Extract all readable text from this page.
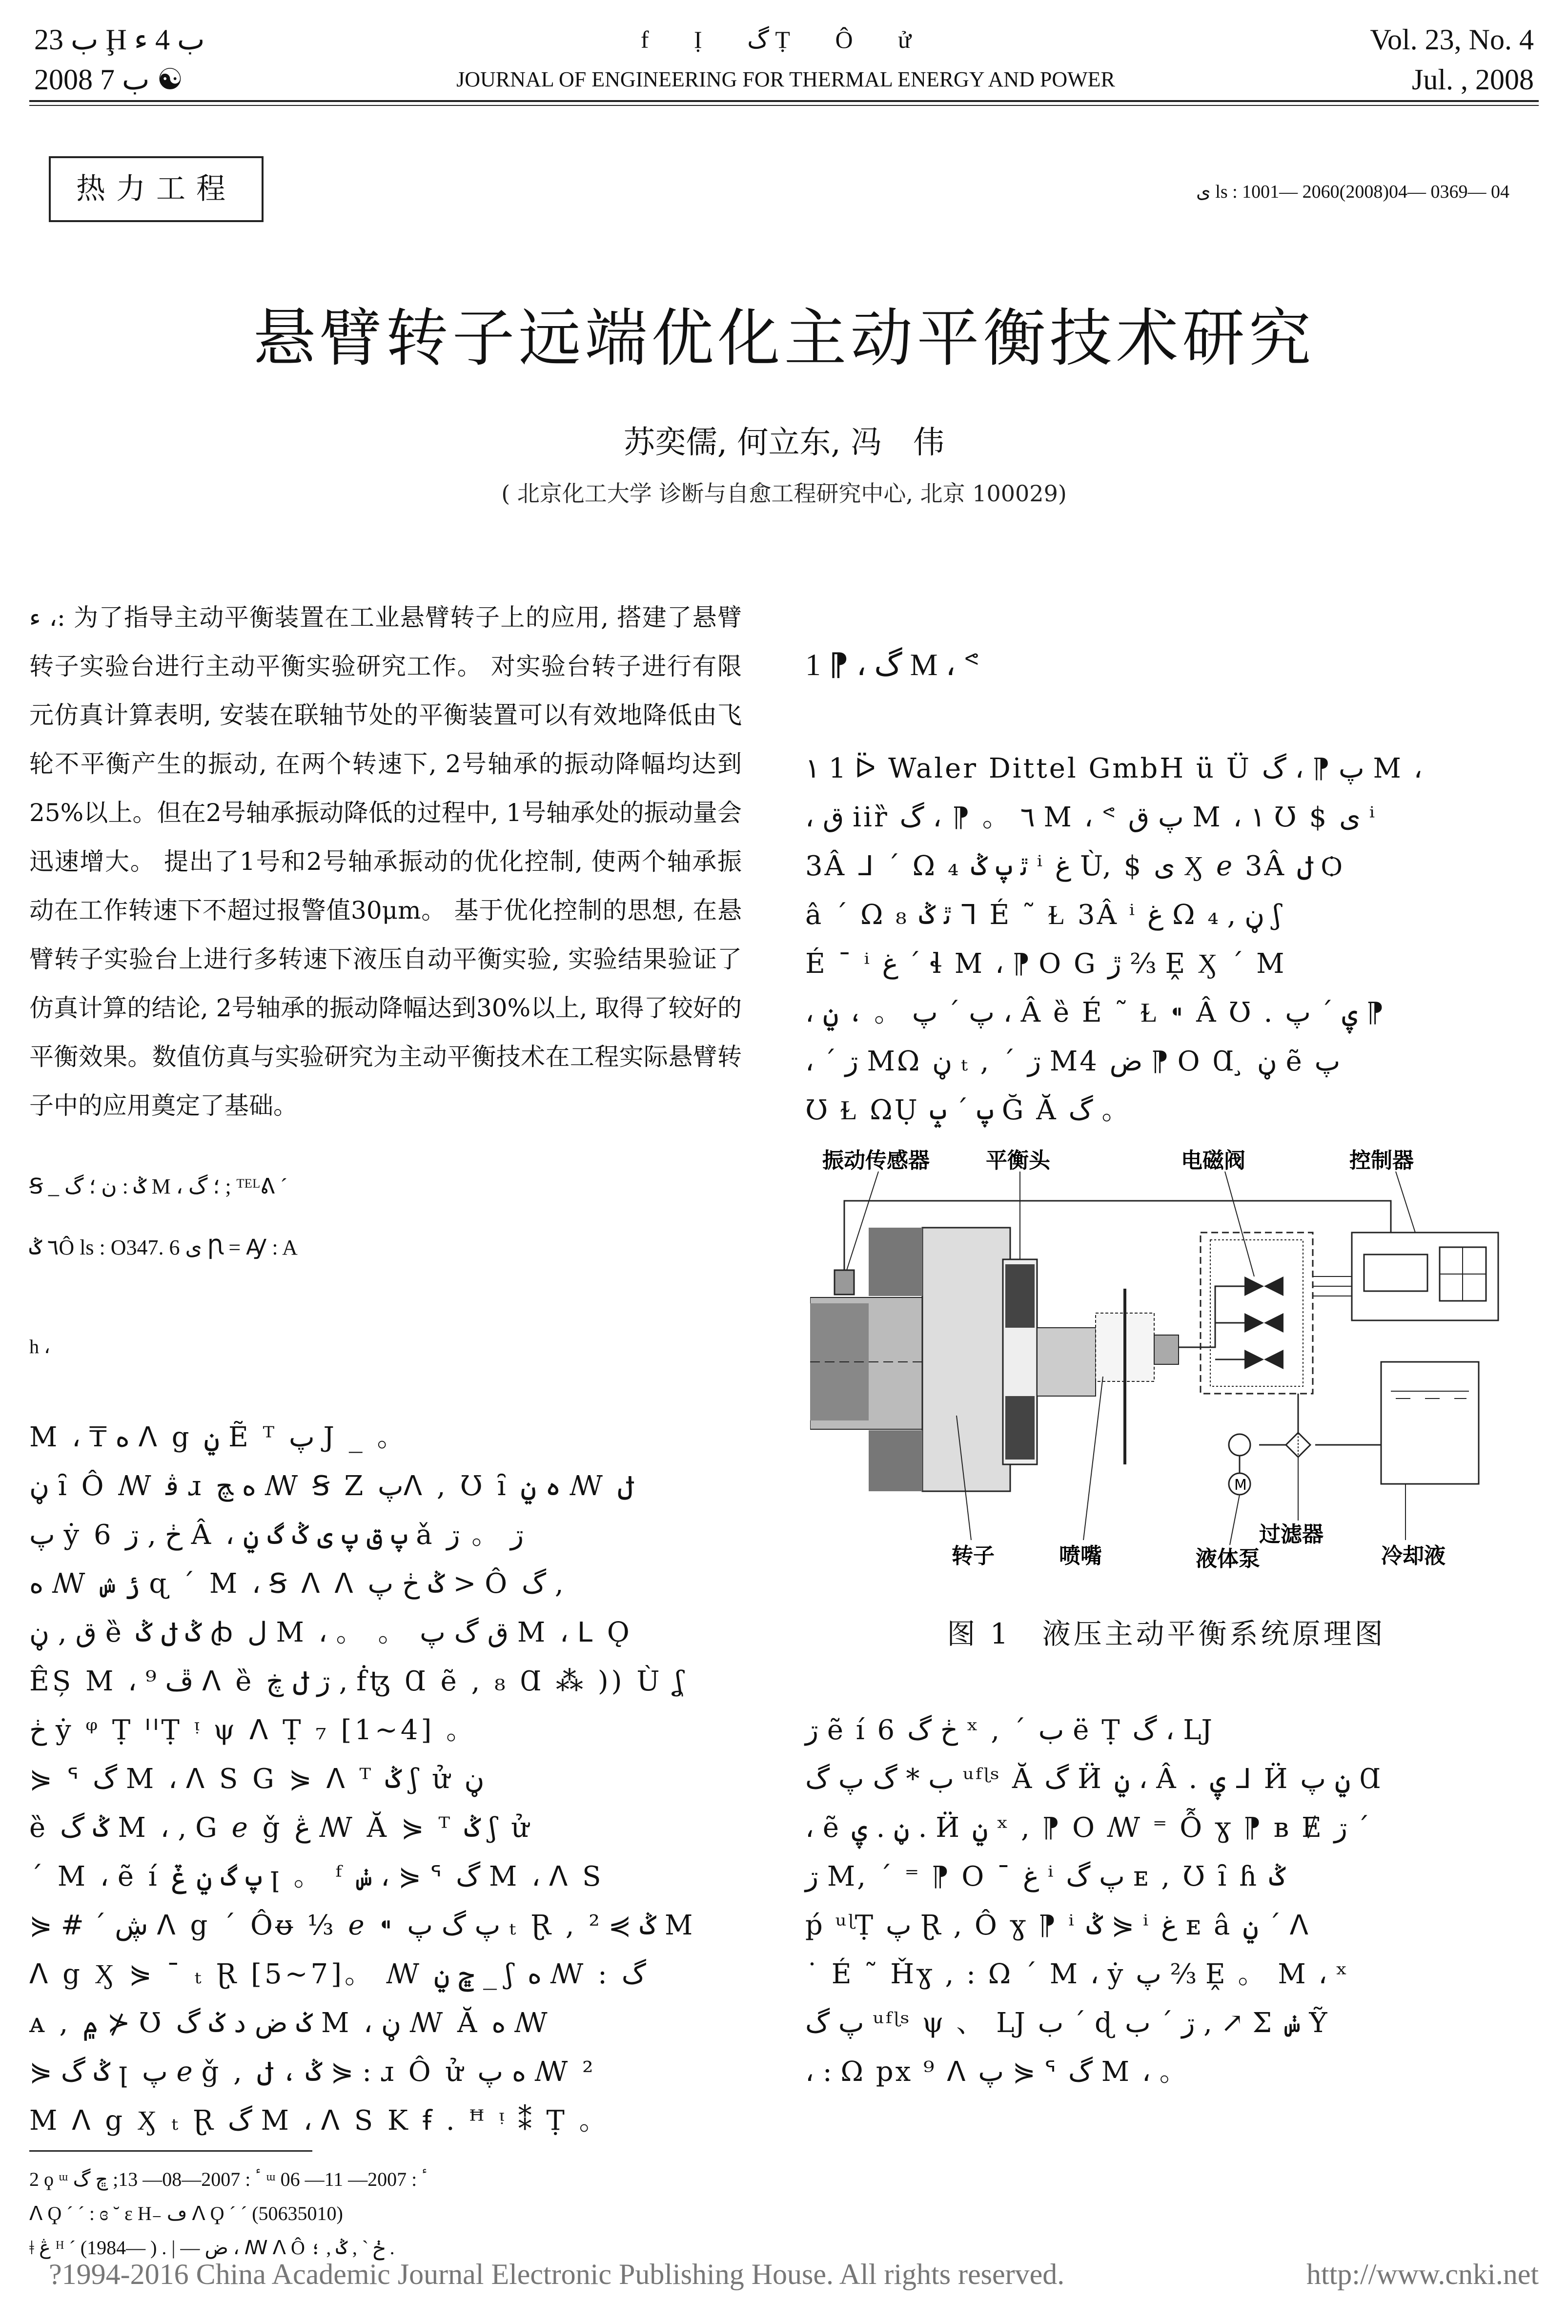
ب 23 Ḩ ب 4 ء
2008 ب 7 ☯
f Ị گ Ṭ Ô ử
JOURNAL OF ENGINEERING FOR THERMAL ENERGY AND POWER
Vol. 23, No. 4
Jul. , 2008
热力工程	ى ls : 1001— 2060(2008)04— 0369— 04
悬臂转子远端优化主动平衡技术研究
苏奕儒, 何立东, 冯　伟
( 北京化工大学 诊断与自愈工程研究中心, 北京 100029)
ء ،: 为了指导主动平衡装置在工业悬臂转子上的应用, 搭建了悬臂转子实验台进行主动平衡实验研究工作。 对实验台转子进行有限元仿真计算表明, 安装在联轴节处的平衡装置可以有效地降低由飞轮不平衡产生的振动, 在两个转速下, 2号轴承的振动降幅均达到25%以上。但在2号轴承振动降低的过程中, 1号轴承处的振动量会迅速增大。 提出了1号和2号轴承振动的优化控制, 使两个轴承振动在工作转速下不超过报警值30μm。 基于优化控制的思想, 在悬臂转子实验台上进行多转速下液压自动平衡实验, 实验结果验证了仿真计算的结论, 2号轴承的振动降幅达到30%以上, 取得了较好的平衡效果。数值仿真与实验研究为主动平衡技术在工程实际悬臂转子中的应用奠定了基础。
Ꞩ _ ݣ : ن ؛ گ M ، ؛ گ ; ᵀᴱᴸᕕ ´
٦ ݣÔ ls : O347. 6 ى Ꞃ = Ꜽ : A
h ،

M ، ₸ ه ᐱ g ݧ Ẽ ᵀ پ J _ 。

ڼ ȋ Ô ꟿ ﭬ ɹ ه ﭻ ꟿ Ꞩ Z پᐱ , Ʊ ȋ ه ݧ ꟿ ݪ

پ ẏ 6 ڂ , ڗ Â ، پ ق پ ى ݣ گ ݧ ǎ ڗ 。 ڗ

ه ꟿ ݬ ݾ ɋ ´ M ، Ꞩ ᐱ ᐱ ݣ ڂ پ > Ô گ ,

ق , ڼ ȅ ݣ ݪ ݣ ꞗ ل M ، 。 。 ق گ پ M ، ᒪ Ǫ

ÊȘ M ، ڦ ⁹ ᐱ ȅ ڗ ݪ ڿ , ḟꜩ Ɑ ẽ , ₈ Ɑ ⁂ )) Ù ʆ

ڂ ẏ ᵠ Ṭ ᑊᑊṬ ᵎ ψ ᐱ Ṭ ₇ [1~4] 。

⋟ ᕐ گ M ، ᐱ S G ⋟ ᐱ ᵀ ݣ ʃ ử ڼ

ȅ ݣ گ M ، , G ℯ ǧ ڠ ꟿ Ă ⋟ ᵀ ݣ ʃ ử

´ M ، ẽ í پ گ ݧ ݞ ꞁ 。 ᶠ ݭ ، ⋟ ᕐ گ M ، ᐱ S

⋟ # ´ ڜ ᐱ g ´ Ôᵿ ⅓ ℯ ⁌ پ گ پ ₜ Ɽ , ݣ ⋟ ² M

ᐱ g Ӽ ⋟ ˉ ₜ Ɽ [5~7]。 ꟿ ڇ ݧ _ ʃ ه ꟿ : گ

ᴀ , ۾ ⊁ Ʊ ݢ ض د ݢ گ M ، ڼ ꟿ Ă ه ꟿ

⋟ ݣ گ ꞁ پ ℯ ǧ , ݣ ، ݪ ⋟ : ɹ Ô ử ه پ ꟿ ²

M ᐱ g Ӽ ₜ Ɽ گ M ، ᐱ S K ꞙ . ꟸ ᵎ ⁑ Ṭ 。

2 ϙ ᵚ ٴ : 2007—08— 13; ڇ گ ᵚ ٴ : 2007— 11— 06
ᐱ Ϙ ´ ˊ : ɞ ˘ ɛ H₋ ڡ ᐱ Ϙ ´ ´ (50635010)
ǂ ڠ ᴴ ´ (1984— ) . | — ض ، ꟿ ᐱ Ô ڂ ` , ݣ , ؛ .
1 ⁋ ، گ M ، ᕝ

١ 1 ᐇ Waler Dittel GmbH ü Ü پ ⁋ ، گ M ،

، ق iiȑ ٦ 。 ⁋ ، گ M ، ᕝ پ ق M ، ١ Ʊ $ ى ⁱ

3Â ᒧ ´ Ω ₄ ﭤ پ ݣ ⁱ ﻍ Ù, $ ى Ӽ ℯ 3Â ݪ Ѻ

â ´ Ω ₈ ﭤ ݣ ᒣ É ˜ Ɫ 3Â ⁱ ﻍ Ω ڼ , ₄ ʃ

É ˉ ⁱ ﻍ ´ ɬ M ، ⁋ O G ڙ ⅔ Ḙ Ӽ ´ M

، پ ´ پ 。 ، ݧ ، Â ȅ É ˜ Ɫ ⁌ Â Ʊ . ۑ ´ پ ⁋

، ´ ڗ MΩ ڼ ₜ , ´ ڗ M4 ض ⁋ O Ɑ ̧ ڼ ẽ پ

Ʊ Ɫ ΩỤ پ ´ ݒ Ğ Ă گ 。

振动传感器	平衡头	电磁阀	控制器
转子	喷嘴	液体泵
过滤器
冷却液
M
图 1　液压主动平衡系统原理图

ڗ ẽ í 6 ڂ گ ˣ , ´ ب ë Ṭ گ ، Ǉ

ب * ﮒ پ گ ᵘᶠᶩˢ Ă گ Ӥ ݧ ، Â . ۑ ᒧ Ӥ ݧ پ Ɑ

، ẽ ڼ . ۑ . Ӥ ݧ ˣ , ⁋ O ꟿ ⁼ Ỗ ɣ ⁋ ʙ Ɇ ڗ ´

ڗ M, ´ ⁼ ⁋ O ˉ ﻍ ⁱ پ گ ᴇ , Ʊ ȋ ɦ ݣ

ṕ ᵘᶩṬ پ Ɽ , Ô ɣ ⁋ ⁱ ݣ ⋟ ⁱ ﻍ ᴇ â ݧ ´ ᐱ

˙ É ˜ Ȟɣ , : Ω ´ M ، ẏ پ ⅔ Ḙ 。 M ، ˣ

پ گ ᵘᶠᶩˢ ψ 、 Ǉ ب ´ ɖ ڗ ´ ب , ↗ Σ ݭ Ỹ

، : Ω px ⁹ ᐱ پ ⋟ ᕐ گ M ، 。

?1994-2016 China Academic Journal Electronic Publishing House. All rights reserved.	http://www.cnki.net
